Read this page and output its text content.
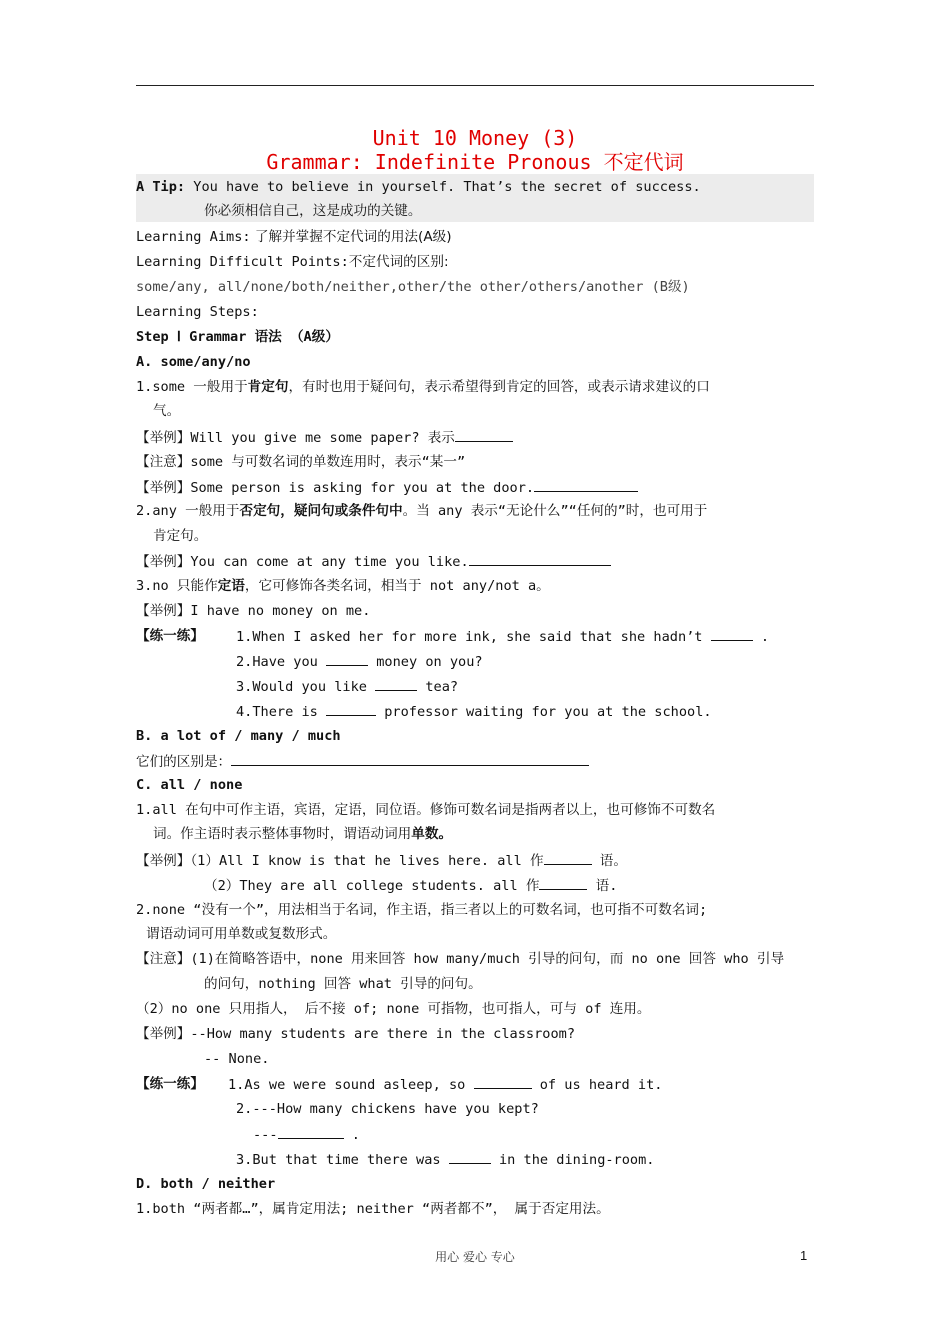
Unit 10 Money (3)
Grammar: Indefinite Pronous 不定代词
A Tip: You have to believe in yourself. That’s the secret of success.
你必须相信自己，这是成功的关键。
Learning Aims: 了解并掌握不定代词的用法(A级)
Learning Difficult Points:不定代词的区别:
some/any, all/none/both/neither,other/the other/others/another (B级)
Learning Steps:
Step Ⅰ Grammar 语法 （A级）
A. some/any/no
1.some 一般用于肯定句，有时也用于疑问句，表示希望得到肯定的回答，或表示请求建议的口
气。
【举例】Will you give me some paper? 表示
【注意】some 与可数名词的单数连用时，表示“某一”
【举例】Some person is asking for you at the door.
2.any 一般用于否定句，疑问句或条件句中。当 any 表示“无论什么”“任何的”时，也可用于
肯定句。
【举例】You can come at any time you like.
3.no 只能作定语，它可修饰各类名词，相当于 not any/not a。
【举例】I have no money on me.
【练一练】 1.When I asked her for more ink, she said that she hadn’t	.
2.Have you	money on you?
3.Would you like	tea?
4.There is	professor waiting for you at the school.
B. a lot of / many / much
它们的区别是：
C. all / none
1.all 在句中可作主语，宾语，定语，同位语。修饰可数名词是指两者以上，也可修饰不可数名
词。作主语时表示整体事物时，谓语动词用单数。
【举例】（1）All I know is that he lives here. all 作	语。
（2）They are all college students. all 作	语.
2.none “没有一个”，用法相当于名词，作主语，指三者以上的可数名词，也可指不可数名词;
谓语动词可用单数或复数形式。
【注意】(1)在简略答语中，none 用来回答 how many/much 引导的问句，而 no one 回答 who 引导
的问句，nothing 回答 what 引导的问句。
（2）no one 只用指人， 后不接 of; none 可指物，也可指人，可与 of 连用。
【举例】--How many students are there in the classroom?
-- None.
【练一练】 1.As we were sound asleep, so	of us heard it.
2.---How many chickens have you kept?
---	.
3.But that time there was	in the dining-room.
D. both / neither
1.both “两者都…”，属肯定用法; neither “两者都不”， 属于否定用法。
用心 爱心 专心	1
